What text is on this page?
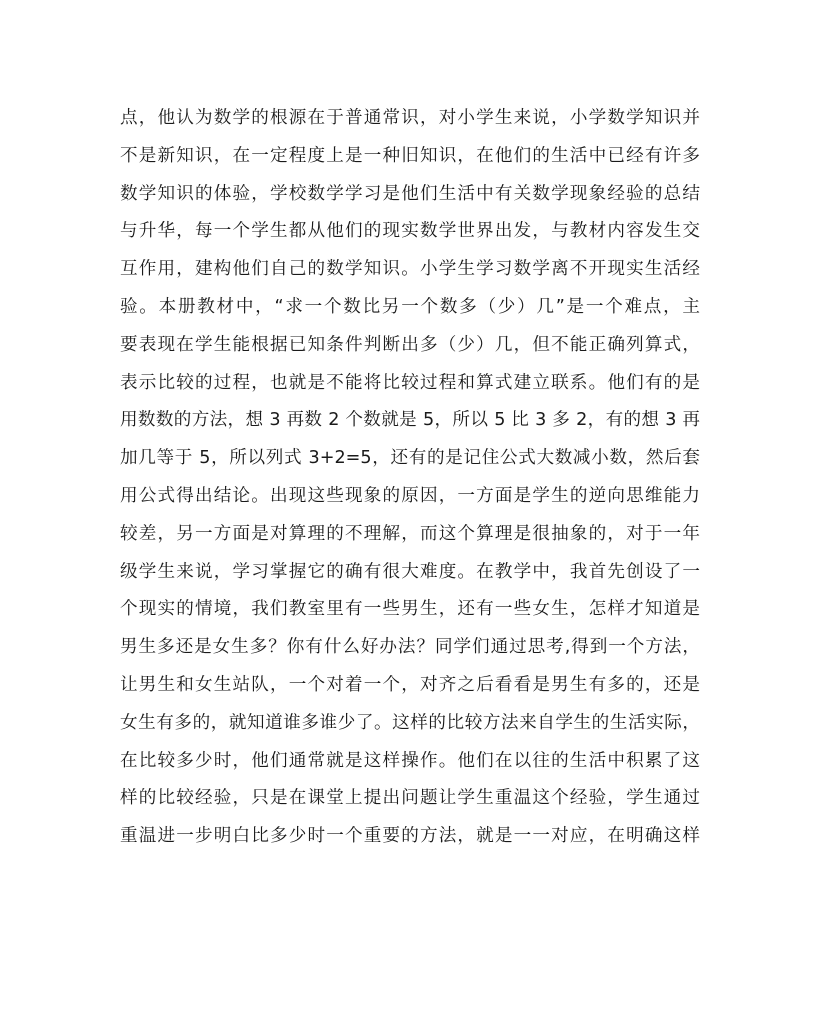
点，他认为数学的根源在于普通常识，对小学生来说，小学数学知识并
不是新知识，在一定程度上是一种旧知识，在他们的生活中已经有许多
数学知识的体验，学校数学学习是他们生活中有关数学现象经验的总结
与升华，每一个学生都从他们的现实数学世界出发，与教材内容发生交
互作用，建构他们自己的数学知识。小学生学习数学离不开现实生活经
验。本册教材中，“求一个数比另一个数多（少）几”是一个难点，主
要表现在学生能根据已知条件判断出多（少）几，但不能正确列算式，
表示比较的过程，也就是不能将比较过程和算式建立联系。他们有的是
用数数的方法，想 3 再数 2 个数就是 5，所以 5 比 3 多 2，有的想 3 再
加几等于 5，所以列式 3+2=5，还有的是记住公式大数减小数，然后套
用公式得出结论。出现这些现象的原因，一方面是学生的逆向思维能力
较差，另一方面是对算理的不理解，而这个算理是很抽象的，对于一年
级学生来说，学习掌握它的确有很大难度。在教学中，我首先创设了一
个现实的情境，我们教室里有一些男生，还有一些女生，怎样才知道是
男生多还是女生多？你有什么好办法？同学们通过思考,得到一个方法，
让男生和女生站队，一个对着一个，对齐之后看看是男生有多的，还是
女生有多的，就知道谁多谁少了。这样的比较方法来自学生的生活实际，
在比较多少时，他们通常就是这样操作。他们在以往的生活中积累了这
样的比较经验，只是在课堂上提出问题让学生重温这个经验，学生通过
重温进一步明白比多少时一个重要的方法，就是一一对应，在明确这样
